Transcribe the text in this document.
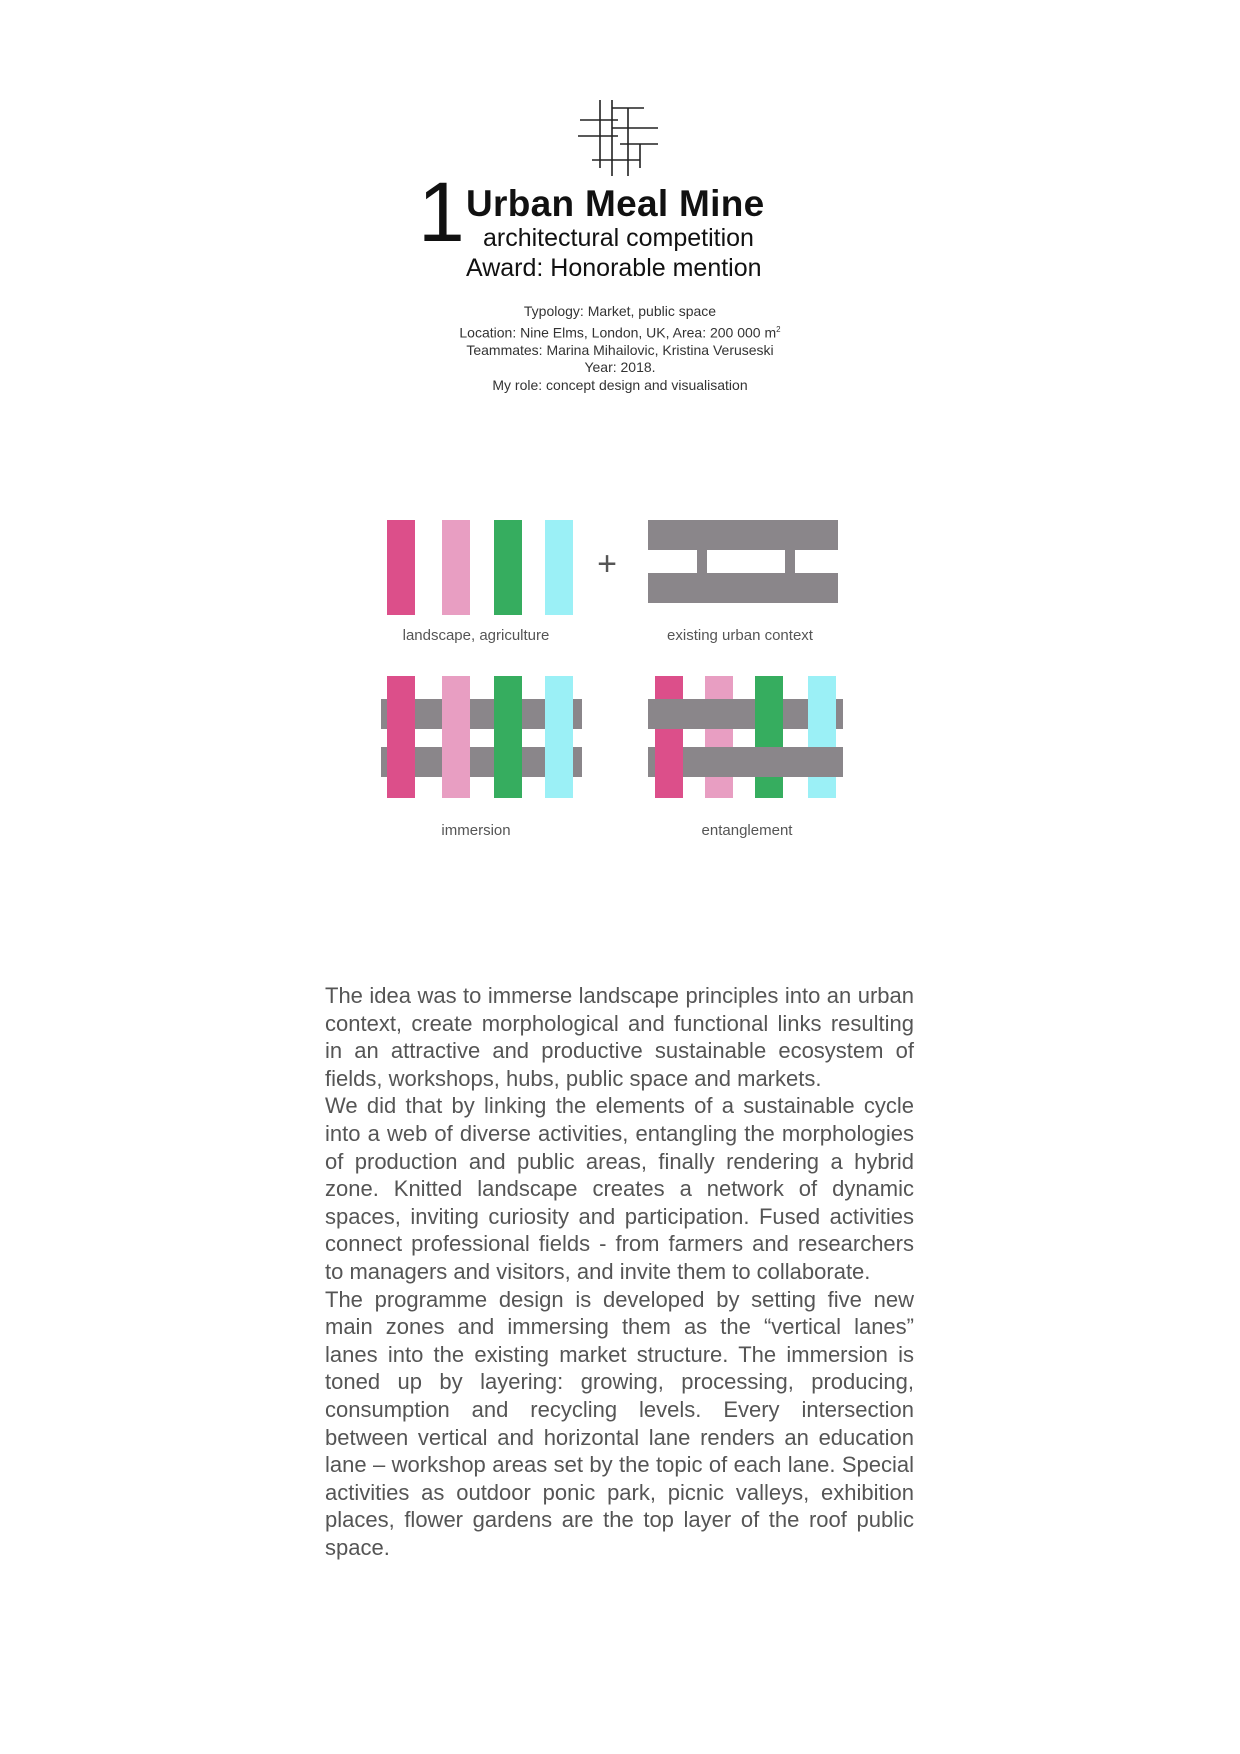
1 Urban Meal Mine
architectural competition
Award: Honorable mention
Typology: Market, public space
Location: Nine Elms, London, UK, Area: 200 000 $m^2$
Teammates: Marina Mihailovic, Kristina Veruseski
Year: 2018.
My role: concept design and visualisation
+
landscape, agriculture	existing urban context
immersion	entanglement

The idea was to immerse landscape principles into an urban context, create morphological and functional links resulting in an attractive and productive sustainable ecosystem of fields, workshops, hubs, public space and markets.

We did that by linking the elements of a sustainable cycle into a web of diverse activities, entangling the morphologies of production and public areas, finally rendering a hybrid zone. Knitted landscape creates a network of dynamic spaces, inviting curiosity and participation. Fused activities connect professional fields - from farmers and researchers to managers and visitors, and invite them to collaborate.

The programme design is developed by setting five new main zones and immersing them as the “vertical lanes” lanes into the existing market structure. The immersion is toned up by layering: growing, processing, producing, consumption and recycling levels. Every intersection between vertical and horizontal lane renders an education lane – workshop areas set by the topic of each lane. Special activities as outdoor ponic park, picnic valleys, exhibition places, flower gardens are the top layer of the roof public space.
